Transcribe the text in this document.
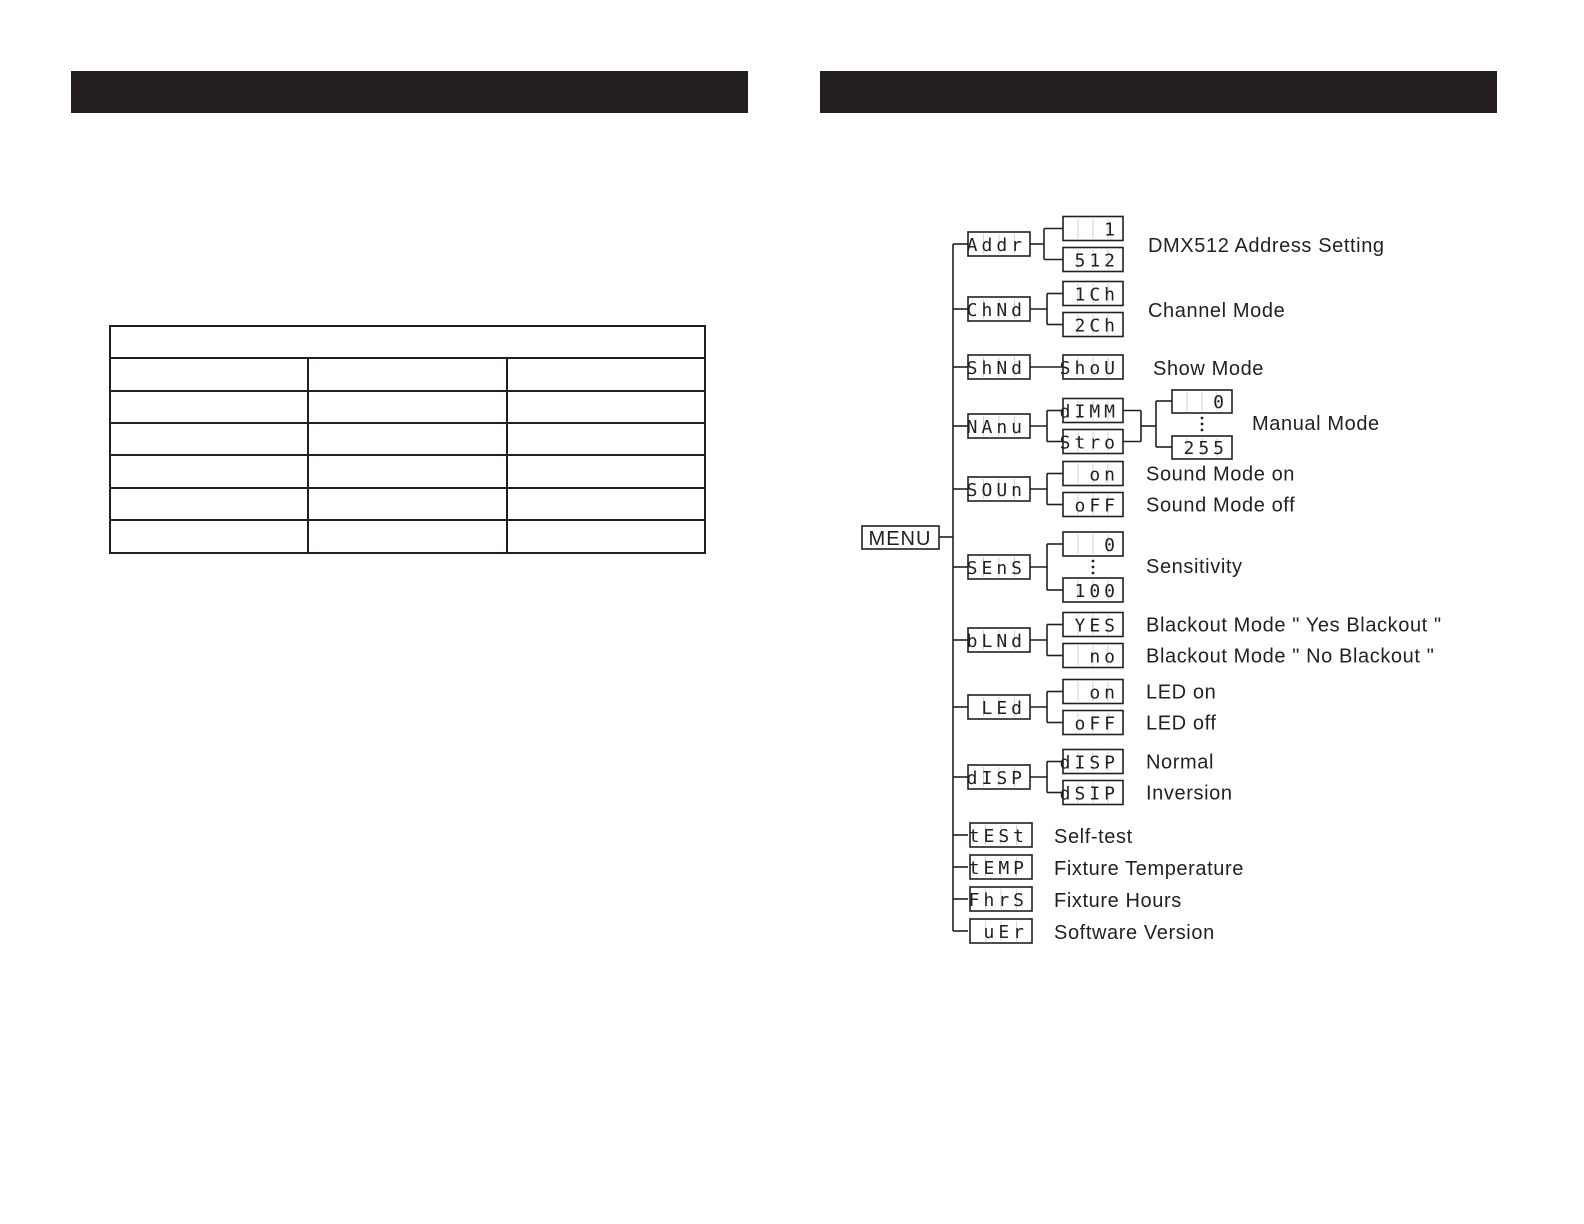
MENU
Addr
1
512
ChNd
1Ch
2Ch
ShNd ShoU
NAnu
dIMM
Stro
0
255
SOUn
on
oFF
SEnS
0
100
bLNd
YES
no
LEd
on
oFF
dISP
dISP
dSIP
tESt
tEMP
FhrS
uEr
DMX512 Address Setting
Channel Mode
Show Mode
Manual Mode
Sound Mode on
Sound Mode off
Sensitivity
Blackout Mode " Yes Blackout "
Blackout Mode " No Blackout "
LED on
LED off
Normal
Inversion
Self-test
Fixture Temperature
Fixture Hours
Software Version
